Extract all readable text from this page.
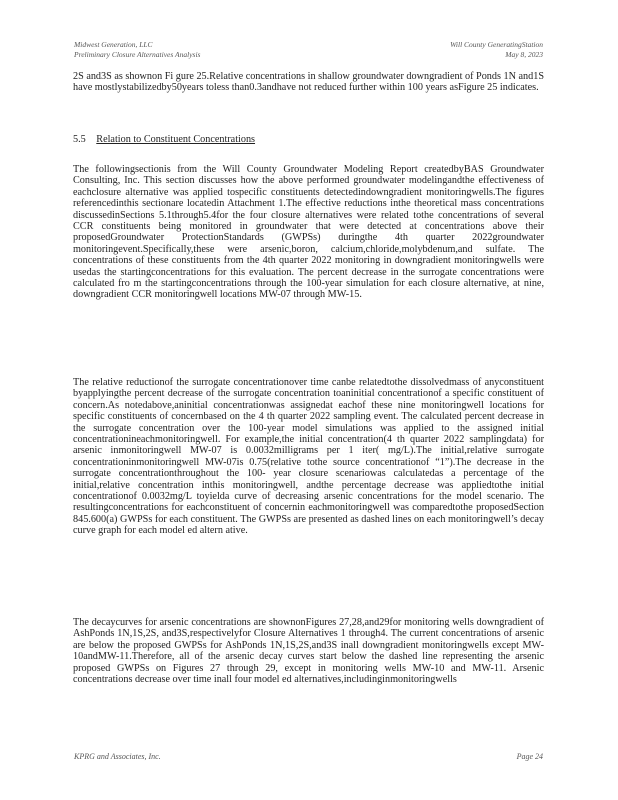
Midwest Generation, LLC
Preliminary Closure Alternatives Analysis
Will County GeneratingStation
May 8, 2023

2S and3S as shownon Fi gure 25.Relative concentrations in shallow groundwater downgradient of Ponds 1N and1S have mostlystabilizedby50years toless than0.3andhave not reduced further within 100 years asFigure 25 indicates.

5.5 Relation to Constituent Concentrations

The followingsectionis from the Will County Groundwater Modeling Report createdbyBAS Groundwater Consulting, Inc. This section discusses how the above performed groundwater modelingandthe effectiveness of eachclosure alternative was applied tospecific constituents detectedindowngradient monitoringwells.The figures referencedinthis sectionare locatedin Attachment 1.The effective reductions inthe theoretical mass concentrations discussedinSections 5.1through5.4for the four closure alternatives were related tothe concentrations of several CCR constituents being monitored in groundwater that were detected at concentrations above their proposedGroundwater ProtectionStandards (GWPSs) duringthe 4th quarter 2022groundwater monitoringevent.Specifically,these were arsenic,boron, calcium,chloride,molybdenum,and sulfate. The concentrations of these constituents from the 4th quarter 2022 monitoring in downgradient monitoringwells were usedas the startingconcentrations for this evaluation. The percent decrease in the surrogate concentrations were calculated fro m the startingconcentrations through the 100-year simulation for each closure alternative, at nine, downgradient CCR monitoringwell locations MW-07 through MW-15.

The relative reductionof the surrogate concentrationover time canbe relatedtothe dissolvedmass of anyconstituent byapplyingthe percent decrease of the surrogate concentration toaninitial concentrationof a specific constituent of concern.As notedabove,aninitial concentrationwas assignedat eachof these nine monitoringwell locations for specific constituents of concernbased on the 4 th quarter 2022 sampling event. The calculated percent decrease in the surrogate concentration over the 100-year model simulations was applied to the assigned initial concentrationineachmonitoringwell. For example,the initial concentration(4 th quarter 2022 samplingdata) for arsenic inmonitoringwell MW-07 is 0.0032milligrams per 1 iter( mg/L).The initial,relative surrogate concentrationinmonitoringwell MW-07is 0.75(relative tothe source concentrationof “1”).The decrease in the surrogate concentrationthroughout the 100- year closure scenariowas calculatedas a percentage of the initial,relative concentration inthis monitoringwell, andthe percentage decrease was appliedtothe initial concentrationof 0.0032mg/L toyielda curve of decreasing arsenic concentrations for the model scenario. The resultingconcentrations for eachconstituent of concernin eachmonitoringwell was comparedtothe proposedSection 845.600(a) GWPSs for each constituent. The GWPSs are presented as dashed lines on each monitoringwell’s decay curve graph for each model ed altern ative.

The decaycurves for arsenic concentrations are shownonFigures 27,28,and29for monitoring wells downgradient of AshPonds 1N,1S,2S, and3S,respectivelyfor Closure Alternatives 1 through4. The current concentrations of arsenic are below the proposed GWPSs for AshPonds 1N,1S,2S,and3S inall downgradient monitoringwells except MW-10andMW-11.Therefore, all of the arsenic decay curves start below the dashed line representing the arsenic proposed GWPSs on Figures 27 through 29, except in monitoring wells MW-10 and MW-11. Arsenic concentrations decrease over time inall four model ed alternatives,includinginmonitoringwells

KPRG and Associates, Inc.	Page 24
